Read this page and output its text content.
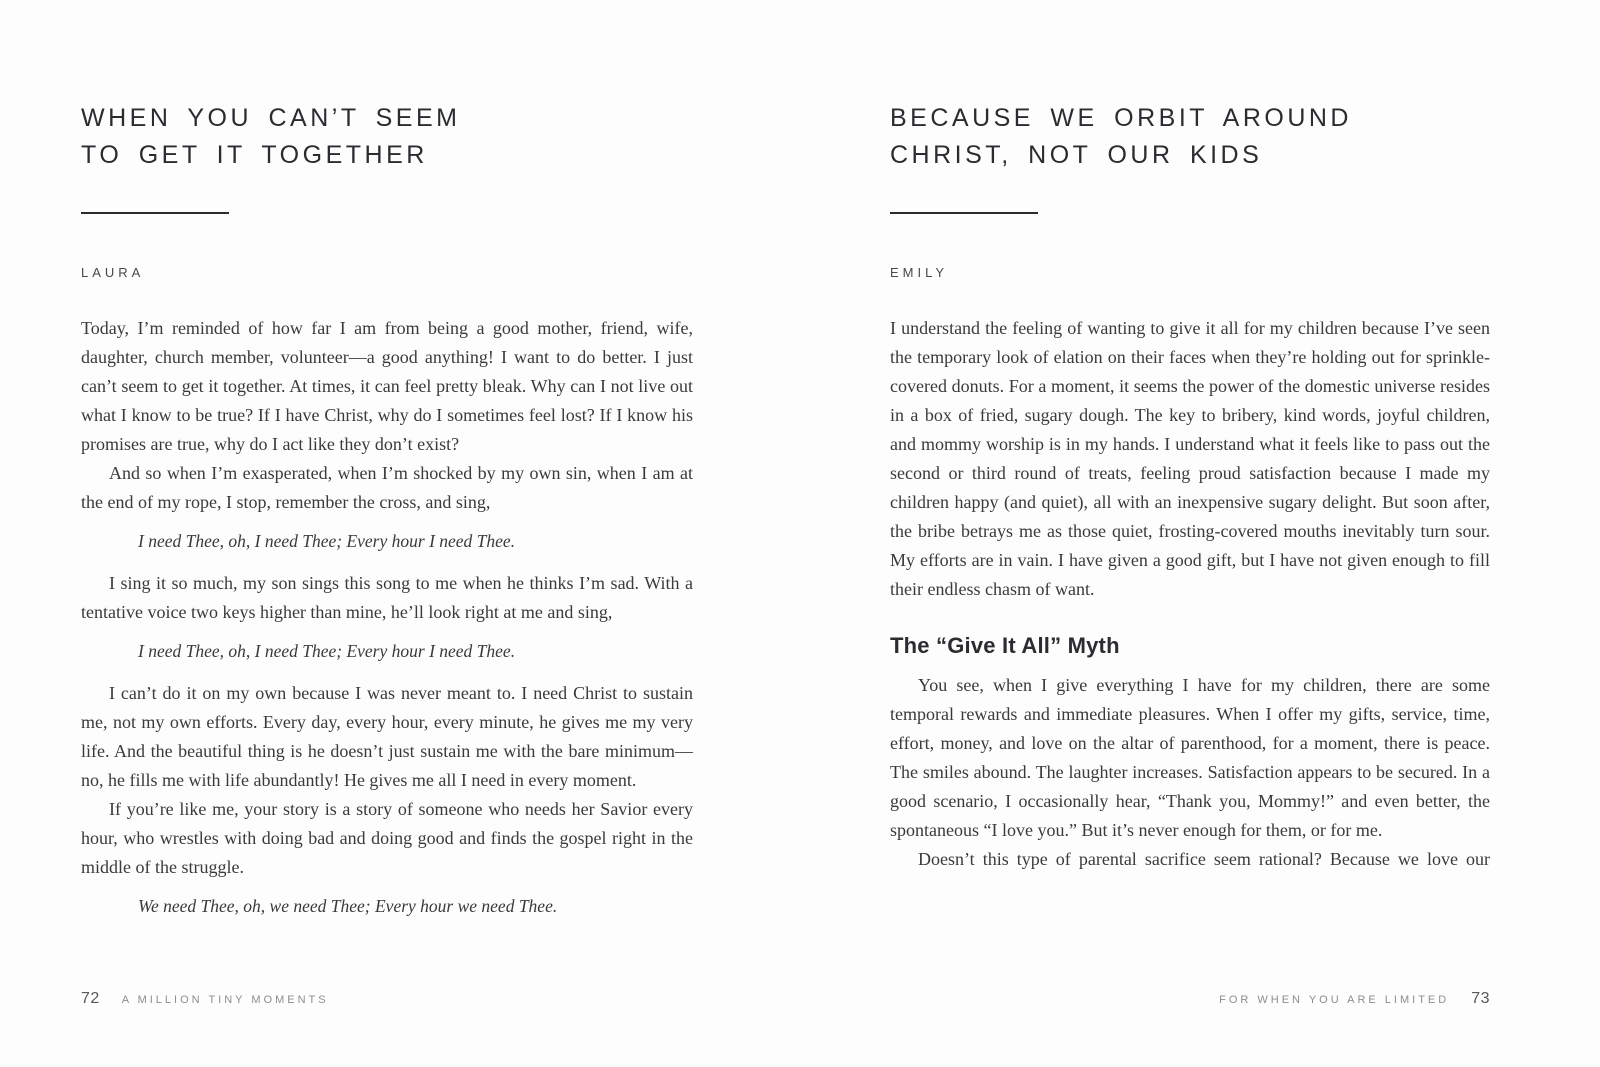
WHEN YOU CAN’T SEEM
TO GET IT TOGETHER
LAURA

Today, I’m reminded of how far I am from being a good mother, friend, wife, daughter, church member, volunteer—a good anything! I want to do better. I just can’t seem to get it together. At times, it can feel pretty bleak. Why can I not live out what I know to be true? If I have Christ, why do I sometimes feel lost? If I know his promises are true, why do I act like they don’t exist?

And so when I’m exasperated, when I’m shocked by my own sin, when I am at the end of my rope, I stop, remember the cross, and sing,

I need Thee, oh, I need Thee; Every hour I need Thee.

I sing it so much, my son sings this song to me when he thinks I’m sad. With a tentative voice two keys higher than mine, he’ll look right at me and sing,

I need Thee, oh, I need Thee; Every hour I need Thee.

I can’t do it on my own because I was never meant to. I need Christ to sustain me, not my own efforts. Every day, every hour, every minute, he gives me my very life. And the beautiful thing is he doesn’t just sustain me with the bare minimum—no, he fills me with life abundantly! He gives me all I need in every moment.

If you’re like me, your story is a story of someone who needs her Savior every hour, who wrestles with doing bad and doing good and finds the gospel right in the middle of the struggle.

We need Thee, oh, we need Thee; Every hour we need Thee.

72 A MILLION TINY MOMENTS
BECAUSE WE ORBIT AROUND
CHRIST, NOT OUR KIDS
EMILY

I understand the feeling of wanting to give it all for my children because I’ve seen the temporary look of elation on their faces when they’re holding out for sprinkle-covered donuts. For a moment, it seems the power of the domestic universe resides in a box of fried, sugary dough. The key to bribery, kind words, joyful children, and mommy worship is in my hands. I understand what it feels like to pass out the second or third round of treats, feeling proud satisfaction because I made my children happy (and quiet), all with an inexpensive sugary delight. But soon after, the bribe betrays me as those quiet, frosting-covered mouths inevitably turn sour. My efforts are in vain. I have given a good gift, but I have not given enough to fill their endless chasm of want.

The “Give It All” Myth

You see, when I give everything I have for my children, there are some temporal rewards and immediate pleasures. When I offer my gifts, service, time, effort, money, and love on the altar of parenthood, for a moment, there is peace. The smiles abound. The laughter increases. Satisfaction appears to be secured. In a good scenario, I occasionally hear, “Thank you, Mommy!” and even better, the spontaneous “I love you.” But it’s never enough for them, or for me.

Doesn’t this type of parental sacrifice seem rational? Because we love our

FOR WHEN YOU ARE LIMITED 73
